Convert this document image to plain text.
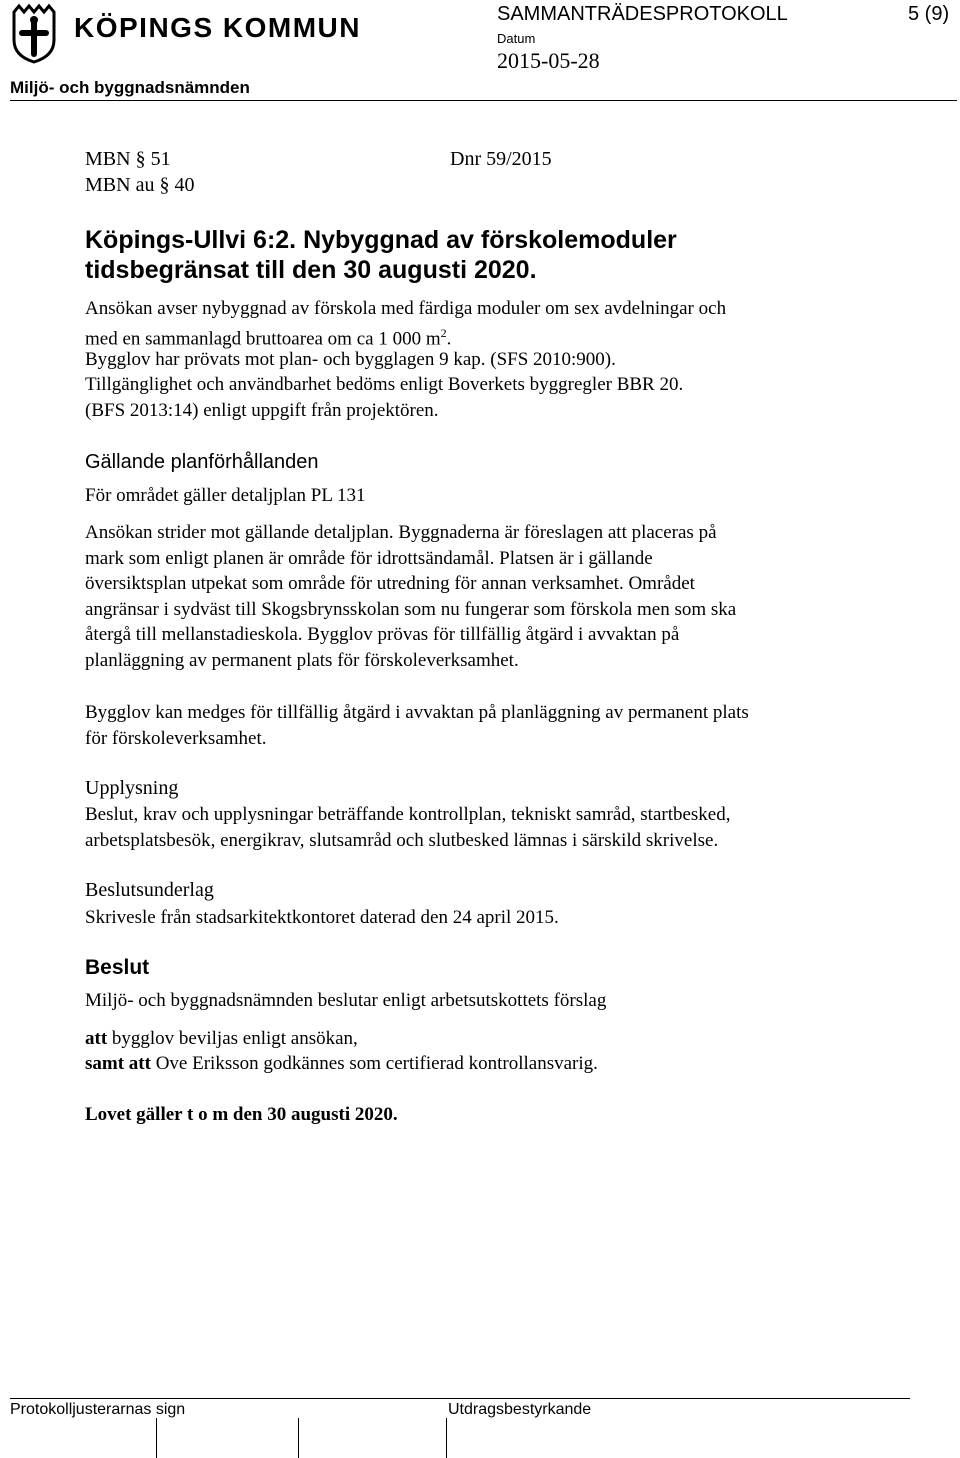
KÖPINGS KOMMUN	SAMMANTRÄDESPROTOKOLL	5 (9)
Datum
2015-05-28
Miljö- och byggnadsnämnden
MBN § 51
MBN au § 40
Dnr 59/2015
Köpings-Ullvi 6:2. Nybyggnad av förskolemoduler
tidsbegränsat till den 30 augusti 2020.
Ansökan avser nybyggnad av förskola med färdiga moduler om sex avdelningar och
med en sammanlagd bruttoarea om ca 1 000 $m^2$.
Bygglov har prövats mot plan- och bygglagen 9 kap. (SFS 2010:900).
Tillgänglighet och användbarhet bedöms enligt Boverkets byggregler BBR 20.
(BFS 2013:14) enligt uppgift från projektören.
Gällande planförhållanden
För området gäller detaljplan PL 131
Ansökan strider mot gällande detaljplan. Byggnaderna är föreslagen att placeras på
mark som enligt planen är område för idrottsändamål. Platsen är i gällande
översiktsplan utpekat som område för utredning för annan verksamhet. Området
angränsar i sydväst till Skogsbrynsskolan som nu fungerar som förskola men som ska
återgå till mellanstadieskola. Bygglov prövas för tillfällig åtgärd i avvaktan på
planläggning av permanent plats för förskoleverksamhet.
Bygglov kan medges för tillfällig åtgärd i avvaktan på planläggning av permanent plats
för förskoleverksamhet.
Upplysning
Beslut, krav och upplysningar beträffande kontrollplan, tekniskt samråd, startbesked,
arbetsplatsbesök, energikrav, slutsamråd och slutbesked lämnas i särskild skrivelse.
Beslutsunderlag
Skrivesle från stadsarkitektkontoret daterad den 24 april 2015.
Beslut
Miljö- och byggnadsnämnden beslutar enligt arbetsutskottets förslag
att bygglov beviljas enligt ansökan,
samt att Ove Eriksson godkännes som certifierad kontrollansvarig.
Lovet gäller t o m den 30 augusti 2020.
Protokolljusterarnas sign	Utdragsbestyrkande
